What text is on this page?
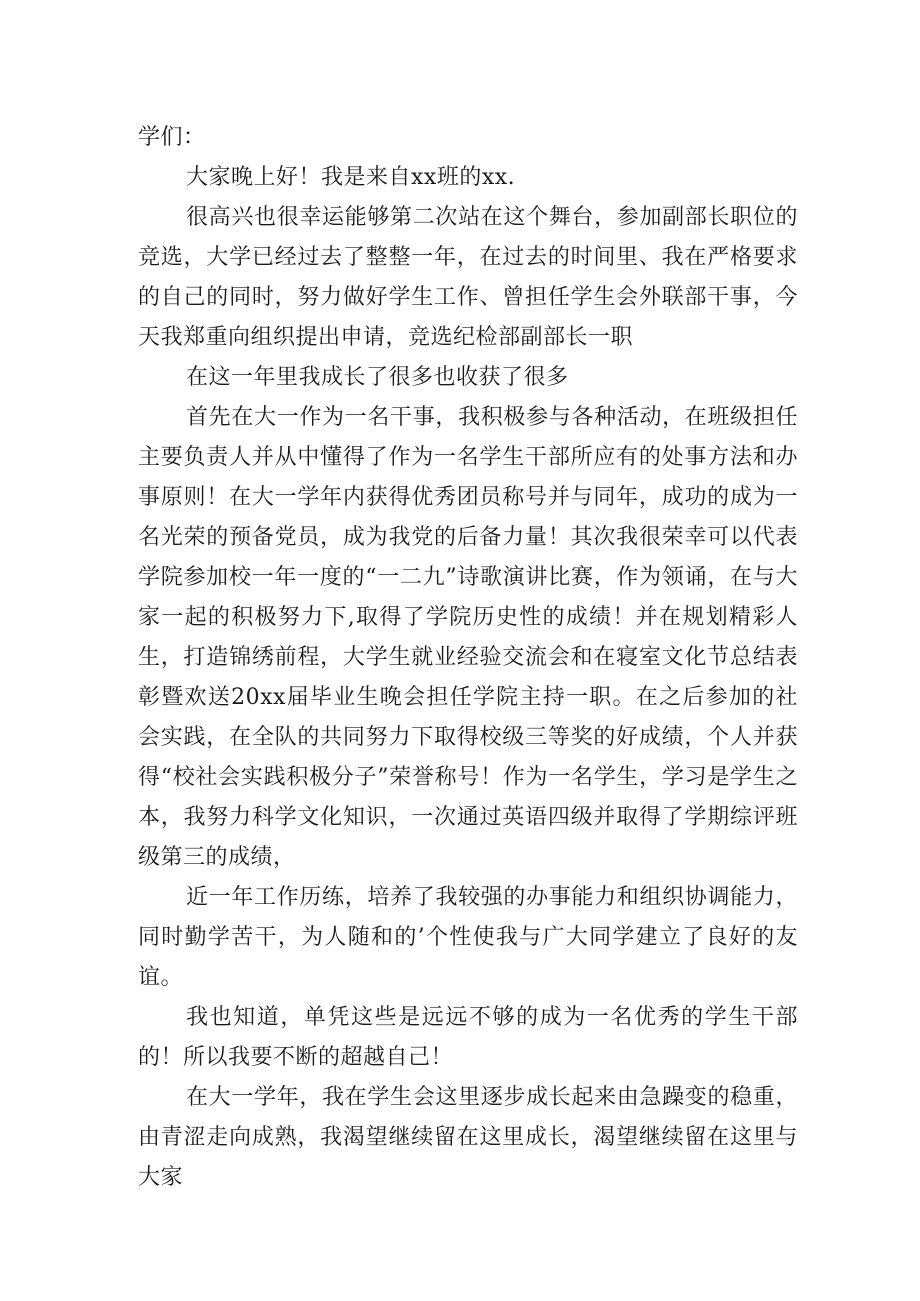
学们：

大家晚上好！我是来自xx班的xx.

很高兴也很幸运能够第二次站在这个舞台，参加副部长职位的竞选，大学已经过去了整整一年，在过去的时间里、我在严格要求的自己的同时，努力做好学生工作、曾担任学生会外联部干事，今天我郑重向组织提出申请，竞选纪检部副部长一职

在这一年里我成长了很多也收获了很多

首先在大一作为一名干事，我积极参与各种活动，在班级担任主要负责人并从中懂得了作为一名学生干部所应有的处事方法和办事原则！在大一学年内获得优秀团员称号并与同年，成功的成为一名光荣的预备党员，成为我党的后备力量！其次我很荣幸可以代表学院参加校一年一度的“一二九”诗歌演讲比赛，作为领诵，在与大家一起的积极努力下,取得了学院历史性的成绩！并在规划精彩人生，打造锦绣前程，大学生就业经验交流会和在寝室文化节总结表彰暨欢送20xx届毕业生晚会担任学院主持一职。在之后参加的社会实践，在全队的共同努力下取得校级三等奖的好成绩，个人并获得“校社会实践积极分子”荣誉称号！作为一名学生，学习是学生之本，我努力科学文化知识，一次通过英语四级并取得了学期综评班级第三的成绩，

近一年工作历练，培养了我较强的办事能力和组织协调能力，同时勤学苦干，为人随和的’个性使我与广大同学建立了良好的友谊。

我也知道，单凭这些是远远不够的成为一名优秀的学生干部的！所以我要不断的超越自己！

在大一学年，我在学生会这里逐步成长起来由急躁变的稳重，由青涩走向成熟，我渴望继续留在这里成长，渴望继续留在这里与大家
